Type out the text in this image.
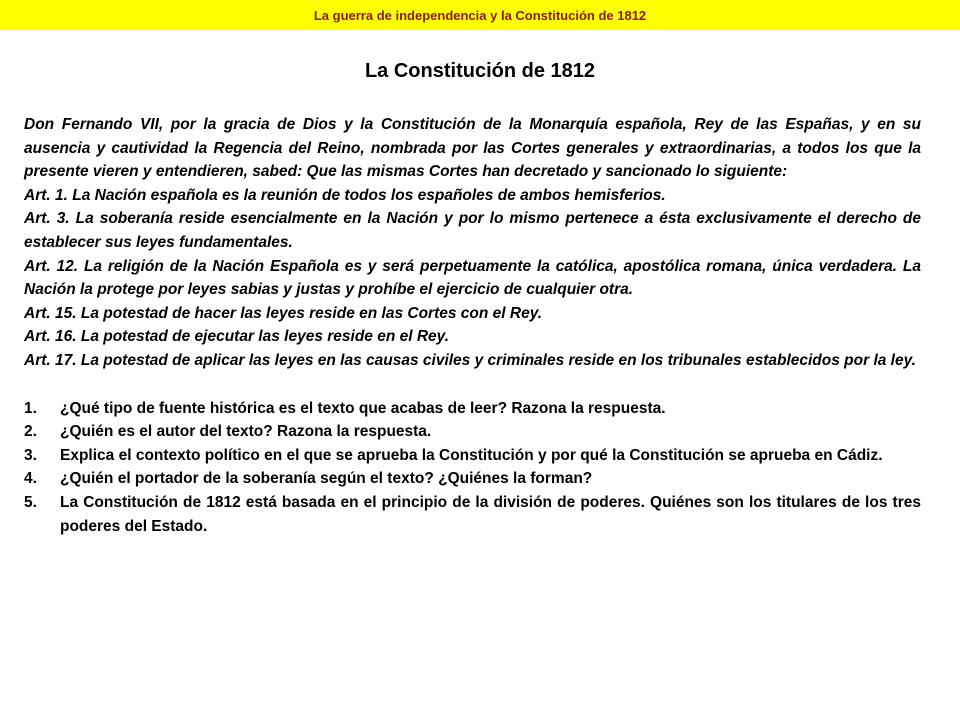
La guerra de independencia y la Constitución de 1812
La Constitución de 1812

Don Fernando VII, por la gracia de Dios y la Constitución de la Monarquía española, Rey de las Españas, y en su ausencia y cautividad la Regencia del Reino, nombrada por las Cortes generales y extraordinarias, a todos los que la presente vieren y entendieren, sabed: Que las mismas Cortes han decretado y sancionado lo siguiente:

Art. 1. La Nación española es la reunión de todos los españoles de ambos hemisferios.

Art. 3. La soberanía reside esencialmente en la Nación y por lo mismo pertenece a ésta exclusivamente el derecho de establecer sus leyes fundamentales.

Art. 12. La religión de la Nación Española es y será perpetuamente la católica, apostólica romana, única verdadera. La Nación la protege por leyes sabias y justas y prohíbe el ejercicio de cualquier otra.

Art. 15. La potestad de hacer las leyes reside en las Cortes con el Rey.

Art. 16. La potestad de ejecutar las leyes reside en el Rey.

Art. 17. La potestad de aplicar las leyes en las causas civiles y criminales reside en los tribunales establecidos por la ley.

1.	¿Qué tipo de fuente histórica es el texto que acabas de leer? Razona la respuesta.
2.	¿Quién es el autor del texto? Razona la respuesta.
3.	Explica el contexto político en el que se aprueba la Constitución y por qué la Constitución se aprueba en Cádiz.
4.	¿Quién el portador de la soberanía según el texto? ¿Quiénes la forman?
5.	La Constitución de 1812 está basada en el principio de la división de poderes. Quiénes son los titulares de los tres poderes del Estado.
